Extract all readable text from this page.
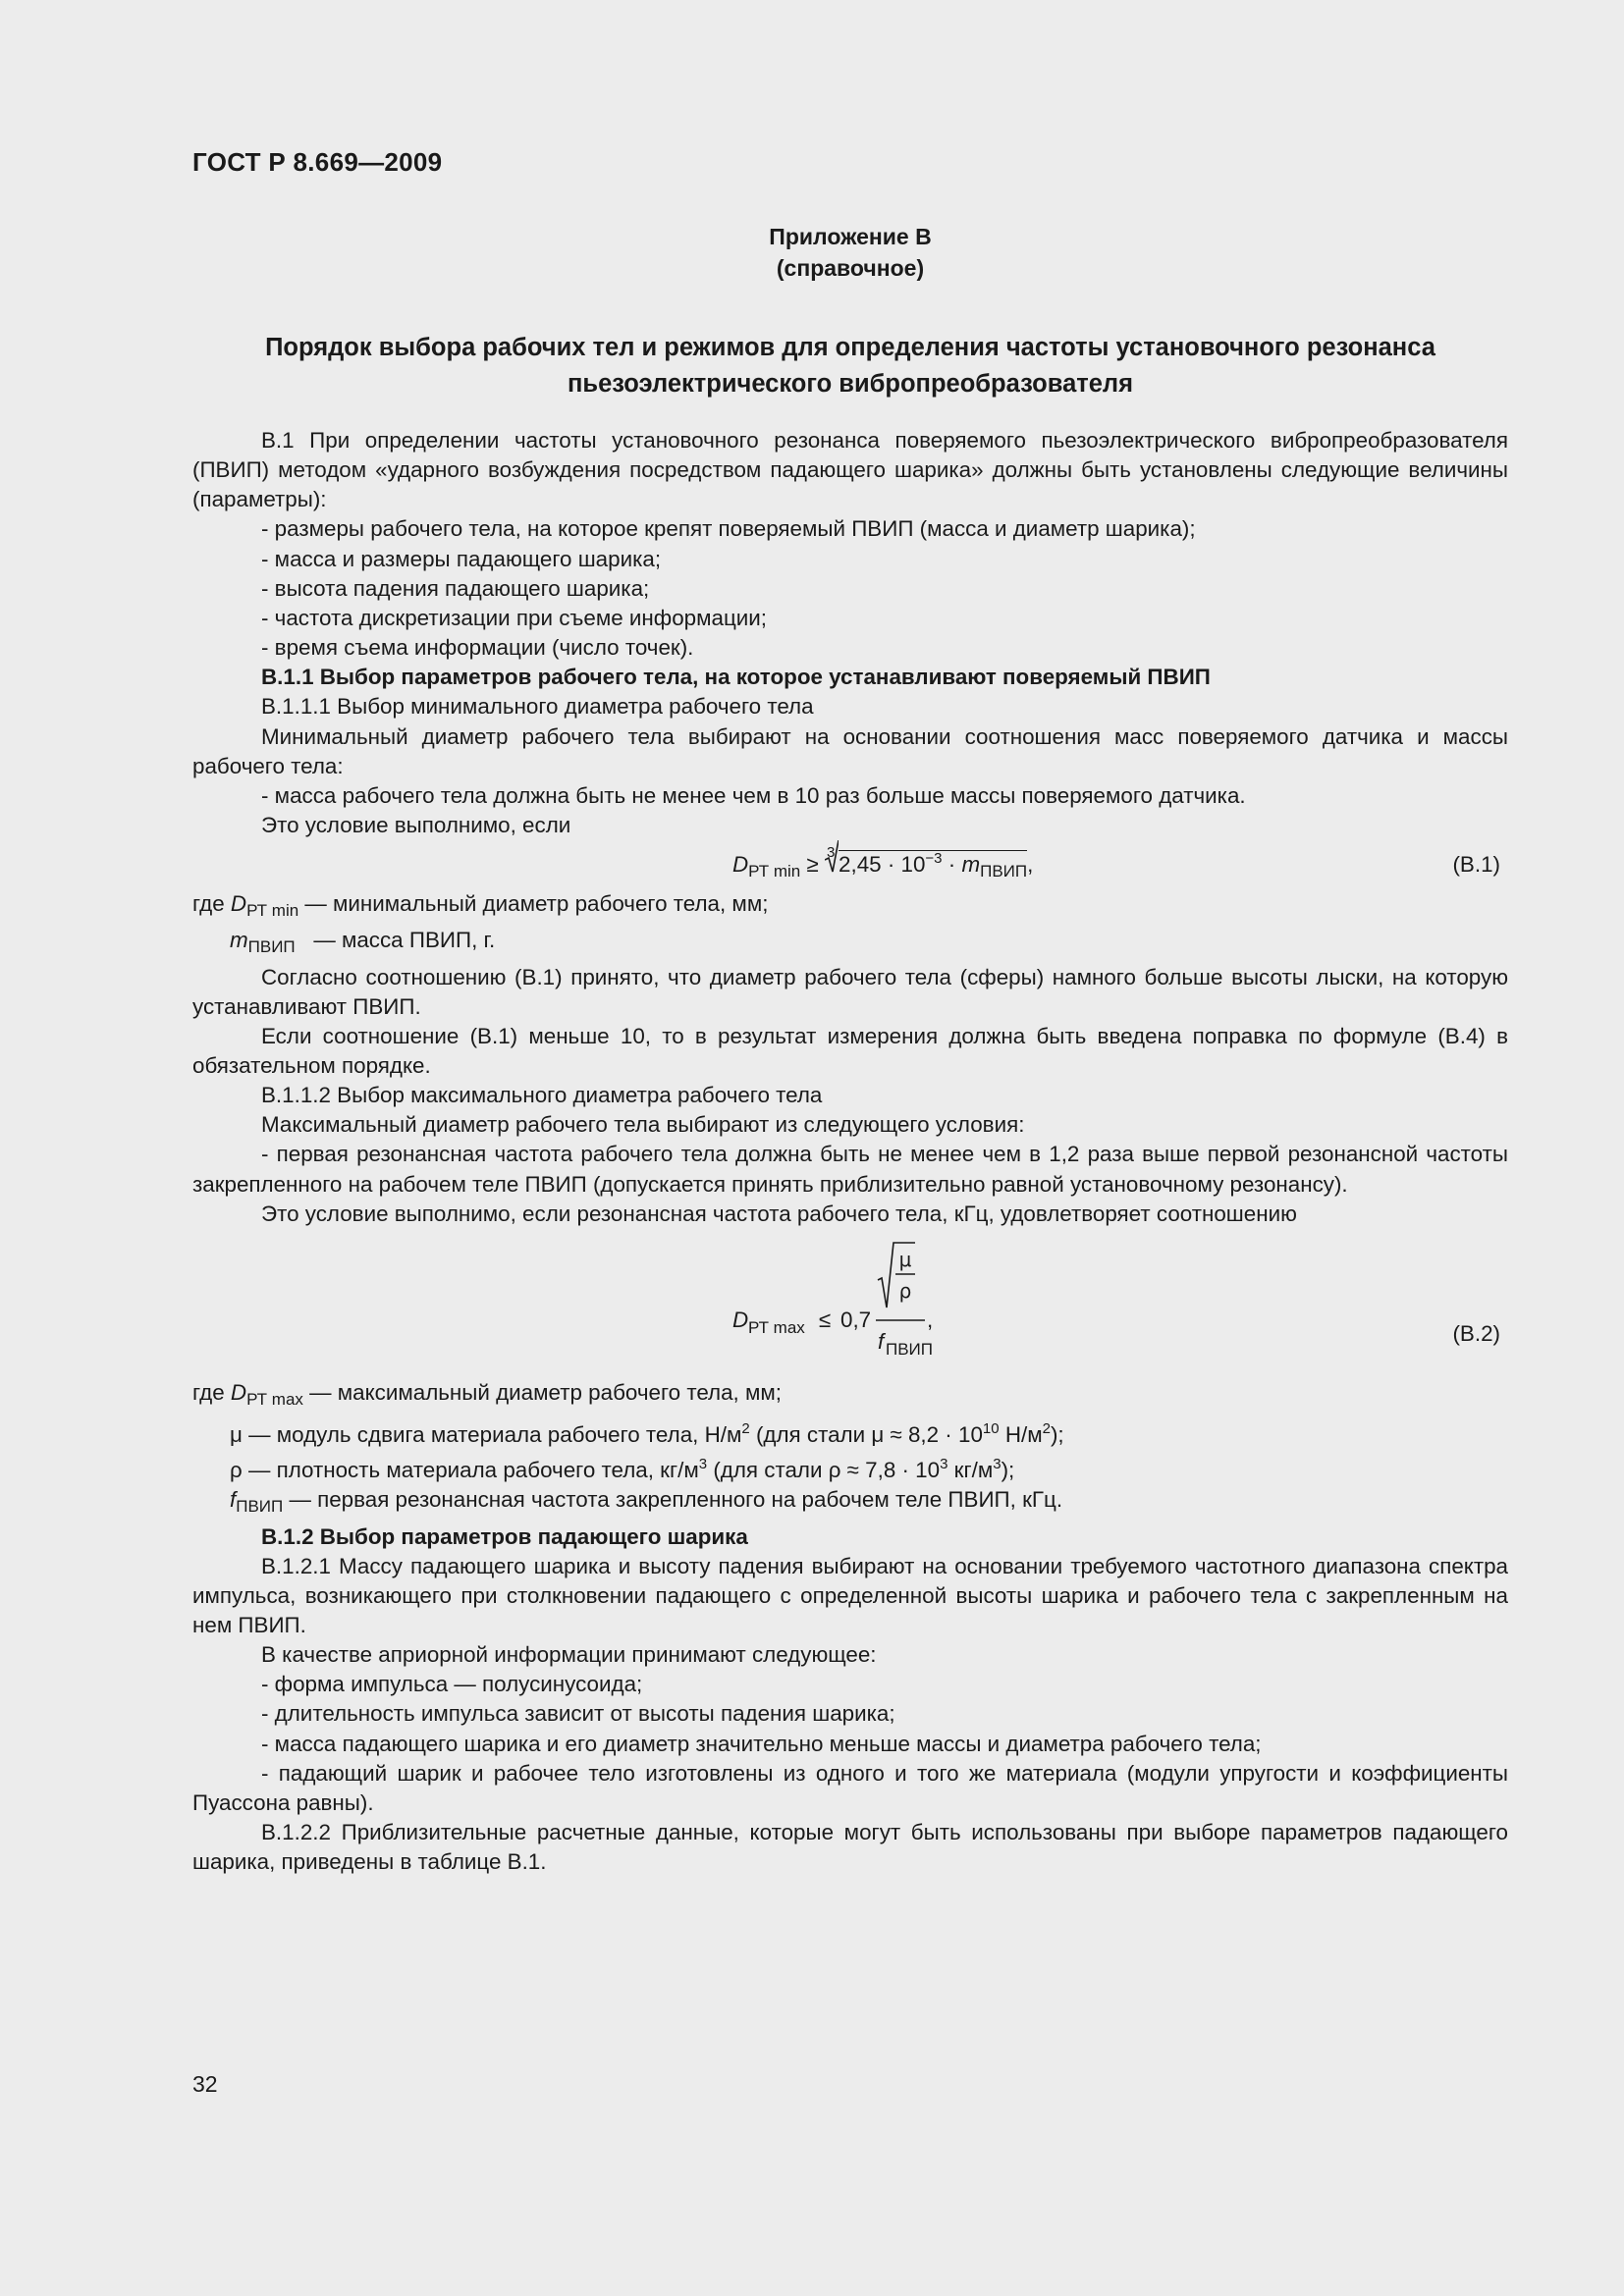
ГОСТ Р 8.669—2009
Приложение В
(справочное)
Порядок выбора рабочих тел и режимов для определения частоты установочного резонанса
пьезоэлектрического вибропреобразователя

В.1 При определении частоты установочного резонанса поверяемого пьезоэлектрического вибропреобразователя (ПВИП) методом «ударного возбуждения посредством падающего шарика» должны быть установлены следующие величины (параметры):

- размеры рабочего тела, на которое крепят поверяемый ПВИП (масса и диаметр шарика);

- масса и размеры падающего шарика;

- высота падения падающего шарика;

- частота дискретизации при съеме информации;

- время съема информации (число точек).

В.1.1 Выбор параметров рабочего тела, на которое устанавливают поверяемый ПВИП

В.1.1.1 Выбор минимального диаметра рабочего тела

Минимальный диаметр рабочего тела выбирают на основании соотношения масс поверяемого датчика и массы рабочего тела:

- масса рабочего тела должна быть не менее чем в 10 раз больше массы поверяемого датчика.

Это условие выполнимо, если

$D_{РТ min} \ge 3$ $2,45 \cdot 10^{-3} \cdot m_{ПВИП}$,	(В.1)

где $D_{РТ min}$ — минимальный диаметр рабочего тела, мм;

$m_{ПВИП}$ — масса ПВИП, г.

Согласно соотношению (В.1) принято, что диаметр рабочего тела (сферы) намного больше высоты лыски, на которую устанавливают ПВИП.

Если соотношение (В.1) меньше 10, то в результат измерения должна быть введена поправка по формуле (В.4) в обязательном порядке.

В.1.1.2 Выбор максимального диаметра рабочего тела

Максимальный диаметр рабочего тела выбирают из следующего условия:

- первая резонансная частота рабочего тела должна быть не менее чем в 1,2 раза выше первой резонансной частоты закрепленного на рабочем теле ПВИП (допускается принять приблизительно равной установочному резонансу).

Это условие выполнимо, если резонансная частота рабочего тела, кГц, удовлетворяет соотношению

D РТ max ≤ 0,7
μ
ρ
f ПВИП
,
(В.2)

где $D_{РТ max}$ — максимальный диаметр рабочего тела, мм;

μ — модуль сдвига материала рабочего тела, $Н/м^2$ (для стали $\mu \approx 8,2 \cdot 10^{10}$ $Н/м^2$);

ρ — плотность материала рабочего тела, $кг/м^3$ (для стали $\rho \approx 7,8 \cdot 10^3$ $кг/м^3$);

$f_{ПВИП}$ — первая резонансная частота закрепленного на рабочем теле ПВИП, кГц.

В.1.2 Выбор параметров падающего шарика

В.1.2.1 Массу падающего шарика и высоту падения выбирают на основании требуемого частотного диапазона спектра импульса, возникающего при столкновении падающего с определенной высоты шарика и рабочего тела с закрепленным на нем ПВИП.

В качестве априорной информации принимают следующее:

- форма импульса — полусинусоида;

- длительность импульса зависит от высоты падения шарика;

- масса падающего шарика и его диаметр значительно меньше массы и диаметра рабочего тела;

- падающий шарик и рабочее тело изготовлены из одного и того же материала (модули упругости и коэффициенты Пуассона равны).

В.1.2.2 Приблизительные расчетные данные, которые могут быть использованы при выборе параметров падающего шарика, приведены в таблице В.1.

32
